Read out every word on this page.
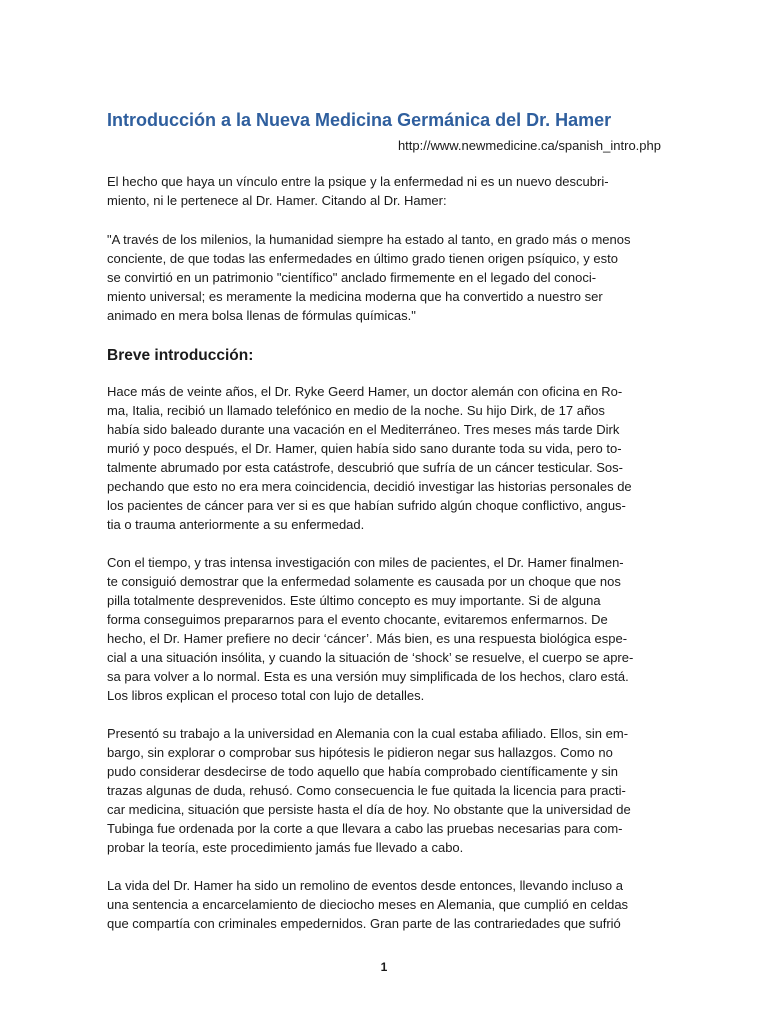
Introducción a la Nueva Medicina Germánica del Dr. Hamer

http://www.newmedicine.ca/spanish_intro.php

El hecho que haya un vínculo entre la psique y la enfermedad ni es un nuevo descubri-
miento, ni le pertenece al Dr. Hamer. Citando al Dr. Hamer:

"A través de los milenios, la humanidad siempre ha estado al tanto, en grado más o menos
conciente, de que todas las enfermedades en último grado tienen origen psíquico, y esto
se convirtió en un patrimonio "científico" anclado firmemente en el legado del conoci-
miento universal; es meramente la medicina moderna que ha convertido a nuestro ser
animado en mera bolsa llenas de fórmulas químicas."

Breve introducción:

Hace más de veinte años, el Dr. Ryke Geerd Hamer, un doctor alemán con oficina en Ro-
ma, Italia, recibió un llamado telefónico en medio de la noche. Su hijo Dirk, de 17 años
había sido baleado durante una vacación en el Mediterráneo. Tres meses más tarde Dirk
murió y poco después, el Dr. Hamer, quien había sido sano durante toda su vida, pero to-
talmente abrumado por esta catástrofe, descubrió que sufría de un cáncer testicular. Sos-
pechando que esto no era mera coincidencia, decidió investigar las historias personales de
los pacientes de cáncer para ver si es que habían sufrido algún choque conflictivo, angus-
tia o trauma anteriormente a su enfermedad.

Con el tiempo, y tras intensa investigación con miles de pacientes, el Dr. Hamer finalmen-
te consiguió demostrar que la enfermedad solamente es causada por un choque que nos
pilla totalmente desprevenidos. Este último concepto es muy importante. Si de alguna
forma conseguimos prepararnos para el evento chocante, evitaremos enfermarnos. De
hecho, el Dr. Hamer prefiere no decir ‘cáncer’. Más bien, es una respuesta biológica espe-
cial a una situación insólita, y cuando la situación de ‘shock’ se resuelve, el cuerpo se apre-
sa para volver a lo normal. Esta es una versión muy simplificada de los hechos, claro está.
Los libros explican el proceso total con lujo de detalles.

Presentó su trabajo a la universidad en Alemania con la cual estaba afiliado. Ellos, sin em-
bargo, sin explorar o comprobar sus hipótesis le pidieron negar sus hallazgos. Como no
pudo considerar desdecirse de todo aquello que había comprobado científicamente y sin
trazas algunas de duda, rehusó. Como consecuencia le fue quitada la licencia para practi-
car medicina, situación que persiste hasta el día de hoy. No obstante que la universidad de
Tubinga fue ordenada por la corte a que llevara a cabo las pruebas necesarias para com-
probar la teoría, este procedimiento jamás fue llevado a cabo.

La vida del Dr. Hamer ha sido un remolino de eventos desde entonces, llevando incluso a
una sentencia a encarcelamiento de dieciocho meses en Alemania, que cumplió en celdas
que compartía con criminales empedernidos. Gran parte de las contrariedades que sufrió

1
